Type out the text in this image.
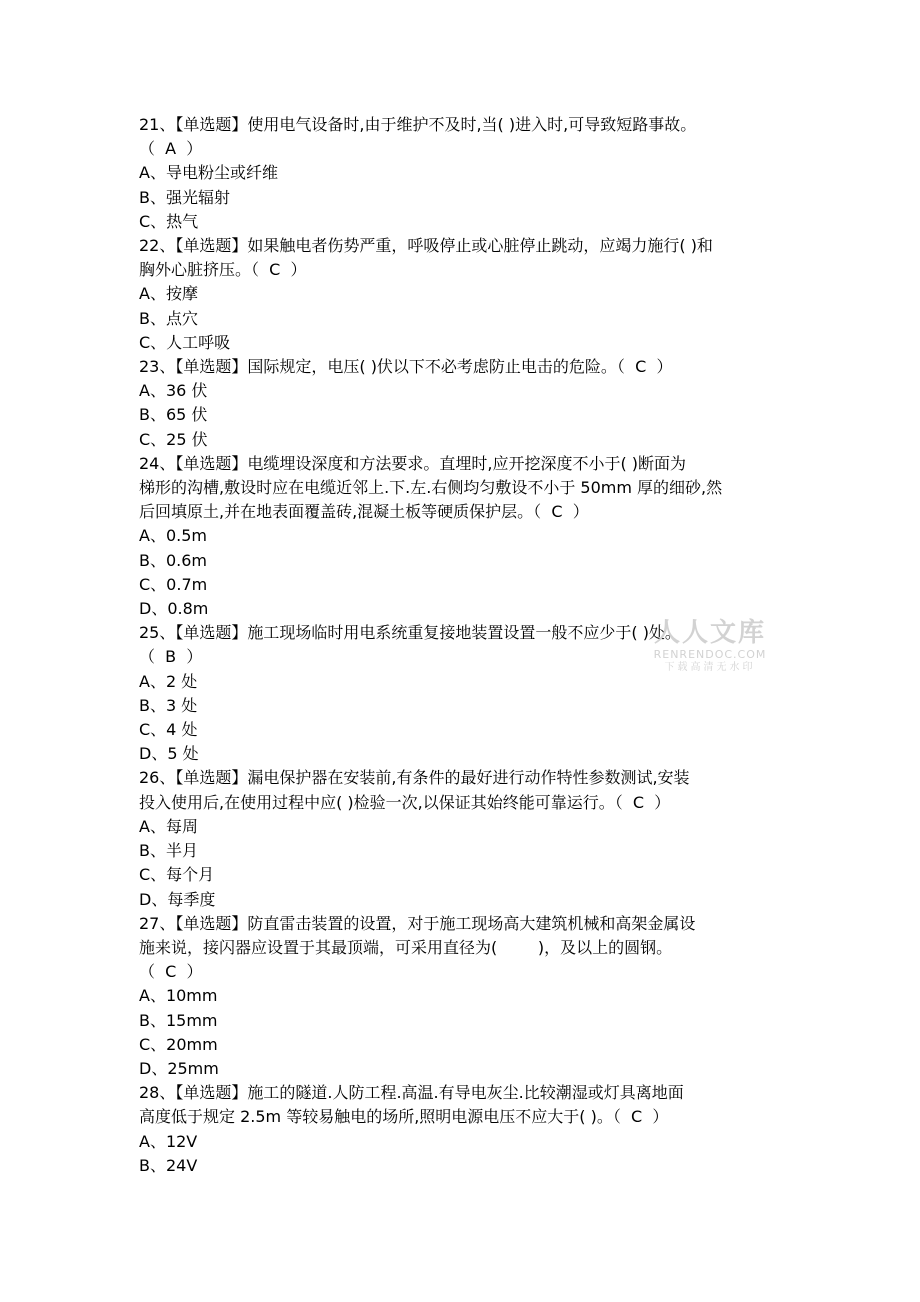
21、【单选题】使用电气设备时,由于维护不及时,当( )进入时,可导致短路事故。
（  A  ）
A、导电粉尘或纤维
B、强光辐射
C、热气
22、【单选题】如果触电者伤势严重，呼吸停止或心脏停止跳动，应竭力施行( )和
胸外心脏挤压。（  C  ）
A、按摩
B、点穴
C、人工呼吸
23、【单选题】国际规定，电压( )伏以下不必考虑防止电击的危险。（  C  ）
A、36 伏
B、65 伏
C、25 伏
24、【单选题】电缆埋设深度和方法要求。直埋时,应开挖深度不小于( )断面为
梯形的沟槽,敷设时应在电缆近邻上.下.左.右侧均匀敷设不小于 50mm 厚的细砂,然
后回填原土,并在地表面覆盖砖,混凝土板等硬质保护层。（  C  ）
A、0.5m
B、0.6m
C、0.7m
D、0.8m
25、【单选题】施工现场临时用电系统重复接地装置设置一般不应少于( )处。
（  B  ）
A、2 处
B、3 处
C、4 处
D、5 处
26、【单选题】漏电保护器在安装前,有条件的最好进行动作特性参数测试,安装
投入使用后,在使用过程中应( )检验一次,以保证其始终能可靠运行。（  C  ）
A、每周
B、半月
C、每个月
D、每季度
27、【单选题】防直雷击装置的设置，对于施工现场高大建筑机械和高架金属设
施来说，接闪器应设置于其最顶端，可采用直径为(        )，及以上的圆钢。
（  C  ）
A、10mm
B、15mm
C、20mm
D、25mm
28、【单选题】施工的隧道.人防工程.高温.有导电灰尘.比较潮湿或灯具离地面
高度低于规定 2.5m 等较易触电的场所,照明电源电压不应大于( )。（  C  ）
A、12V
B、24V
人人文库
RENRENDOC.COM
下载高清无水印
